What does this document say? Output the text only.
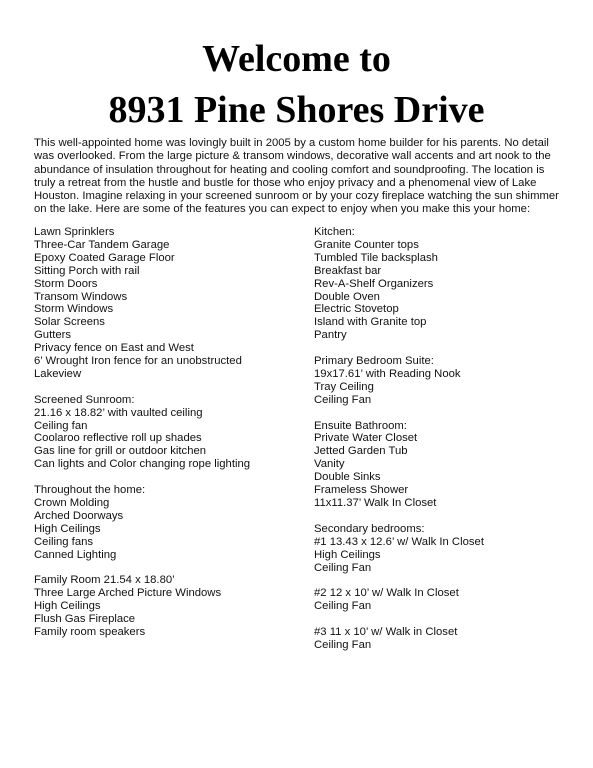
Welcome to
8931 Pine Shores Drive
This well-appointed home was lovingly built in 2005 by a custom home builder for his parents. No detail
was overlooked. From the large picture & transom windows, decorative wall accents and art nook to the
abundance of insulation throughout for heating and cooling comfort and soundproofing. The location is
truly a retreat from the hustle and bustle for those who enjoy privacy and a phenomenal view of Lake
Houston. Imagine relaxing in your screened sunroom or by your cozy fireplace watching the sun shimmer
on the lake. Here are some of the features you can expect to enjoy when you make this your home:
Lawn Sprinklers
Three-Car Tandem Garage
Epoxy Coated Garage Floor
Sitting Porch with rail
Storm Doors
Transom Windows
Storm Windows
Solar Screens
Gutters
Privacy fence on East and West
6’ Wrought Iron fence for an unobstructed
Lakeview
Screened Sunroom:
21.16 x 18.82’ with vaulted ceiling
Ceiling fan
Coolaroo reflective roll up shades
Gas line for grill or outdoor kitchen
Can lights and Color changing rope lighting
Throughout the home:
Crown Molding
Arched Doorways
High Ceilings
Ceiling fans
Canned Lighting
Family Room 21.54 x 18.80’
Three Large Arched Picture Windows
High Ceilings
Flush Gas Fireplace
Family room speakers
Kitchen:
Granite Counter tops
Tumbled Tile backsplash
Breakfast bar
Rev-A-Shelf Organizers
Double Oven
Electric Stovetop
Island with Granite top
Pantry
Primary Bedroom Suite:
19x17.61’ with Reading Nook
Tray Ceiling
Ceiling Fan
Ensuite Bathroom:
Private Water Closet
Jetted Garden Tub
Vanity
Double Sinks
Frameless Shower
11x11.37’ Walk In Closet
Secondary bedrooms:
#1 13.43 x 12.6’ w/ Walk In Closet
High Ceilings
Ceiling Fan
#2 12 x 10’ w/ Walk In Closet
Ceiling Fan
#3 11 x 10’ w/ Walk in Closet
Ceiling Fan
